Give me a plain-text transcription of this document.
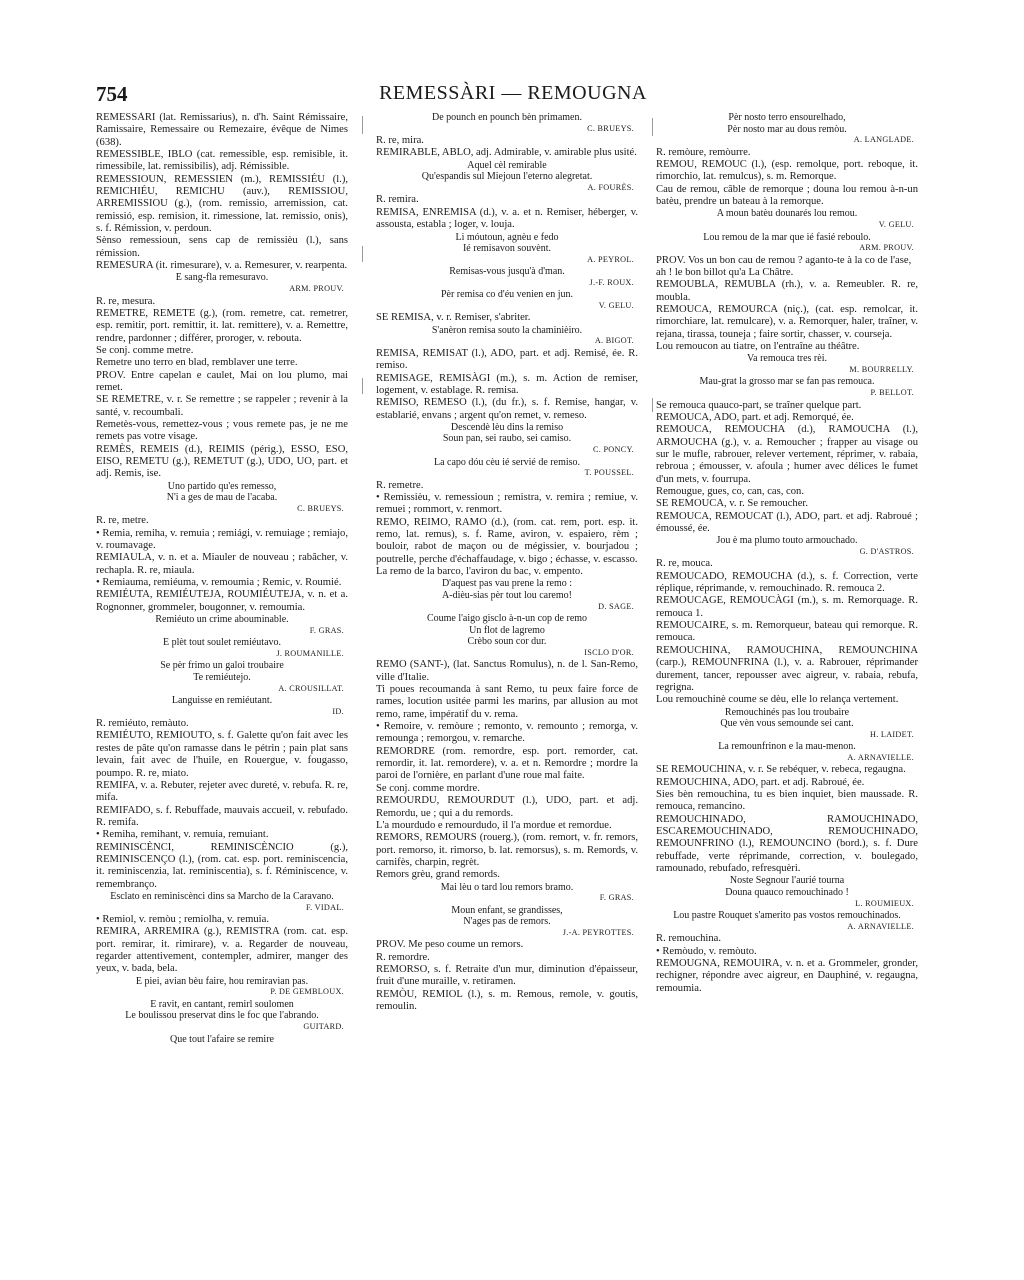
754	REMESSÀRI — REMOUGNA
REMESSÀRI (lat. Remissarius), n. d'h. Saint Rémissaire, Ramissaire, Remessaire ou Remezaire, évêque de Nimes (638).
REMESSIBLE, IBLO (cat. remessible, esp. remisible, it. rimessibile, lat. remissibilis), adj. Rémissible.
REMESSIOUN, REMESSIEN (m.), REMISSIÉU (l.), REMICHIÉU, REMICHU (auv.), REMISSIOU, ARREMISSIOU (g.), (rom. remissio, arremission, cat. remissió, esp. remision, it. rimessione, lat. remissio, onis), s. f. Rémission, v. perdoun.
Sènso remessioun, sens cap de remissièu (l.), sans rémission.
REMESURA (it. rimesurare), v. a. Remesurer, v. rearpenta.
E sang-fla remesuravo.
ARM. PROUV.
R. re, mesura.
REMETRE, REMETE (g.), (rom. remetre, cat. remetrer, esp. remitir, port. remittir, it. lat. remittere), v. a. Remettre, rendre, pardonner ; différer, proroger, v. rebouta.
Se conj. comme metre.
Remetre uno terro en blad, remblaver une terre.
PROV. Entre capelan e caulet, Mai on lou plumo, mai remet.
SE REMETRE, v. r. Se remettre ; se rappeler ; revenir à la santé, v. recoumbali.
Remetès-vous, remettez-vous ; vous remete pas, je ne me remets pas votre visage.
REMÈS, REMEIS (d.), REIMIS (périg.), ESSO, ESO, EISO, REMETU (g.), REMETUT (g.), UDO, UO, part. et adj. Remis, ise.
Uno partido qu'es remesso,
N'i a ges de mau de l'acaba.
C. BRUEYS.
R. re, metre.
• Remia, remiha, v. remuia ; remiági, v. remuiage ; remiajo, v. roumavage.
REMIAULA, v. n. et a. Miauler de nouveau ; rabâcher, v. rechapla. R. re, miaula.
• Remiauma, remiéuma, v. remoumia ; Remic, v. Roumié.
REMIÉUTA, REMIÉUTEJA, ROUMIÉUTEJA, v. n. et a. Rognonner, grommeler, bougonner, v. remoumia.
Remiéuto un crime abouminable.
F. GRAS.
E plèt tout soulet remiéutavo.
J. ROUMANILLE.
Se pèr frimo un galoi troubaire
Te remiéutejo.
A. CROUSILLAT.
Languisse en remiéutant.
ID.
R. remiéuto, remàuto.
REMIÉUTO, REMIOUTO, s. f. Galette qu'on fait avec les restes de pâte qu'on ramasse dans le pétrin ; pain plat sans levain, fait avec de l'huile, en Rouergue, v. fougasso, poumpo. R. re, miato.
REMIFA, v. a. Rebuter, rejeter avec dureté, v. rebufa. R. re, mifa.
REMIFADO, s. f. Rebuffade, mauvais accueil, v. rebufado. R. remifa.
• Remiha, remihant, v. remuia, remuiant.
REMINISCÈNCI, REMINISCÈNCIO (g.), REMINISCENÇO (l.), (rom. cat. esp. port. reminiscencia, it. reminiscenzia, lat. reminiscentia), s. f. Réminiscence, v. remembranço.
Esclato en reminiscènci dins sa Marcho de la Caravano.
F. VIDAL.
• Remiol, v. remòu ; remiolha, v. remuia.
REMIRA, ARREMIRA (g.), REMISTRA (rom. cat. esp. port. remirar, it. rimirare), v. a. Regarder de nouveau, regarder attentivement, contempler, admirer, manger des yeux, v. bada, bela.
E piei, avian bèu faire, hou remiravian pas.
P. DE GEMBLOUX.
E ravit, en cantant, remirl soulomen
Le boulissou preservat dins le foc que l'abrando.
GUITARD.
Que tout l'afaire se remire
De pounch en pounch bèn primamen.
C. BRUEYS.
R. re, mira.
REMIRABLE, ABLO, adj. Admirable, v. amirable plus usité.
Aquel cèl remirable
Qu'espandis sul Miejoun l'eterno alegretat.
A. FOURÈS.
R. remira.
REMISA, ENREMISA (d.), v. a. et n. Remiser, héberger, v. assousta, establa ; loger, v. louja.
Li móutoun, agnèu e fedo
Ié remisavon souvènt.
A. PEYROL.
Remisas-vous jusqu'à d'man.
J.-F. ROUX.
Pèr remisa co d'éu venien en jun.
V. GELU.
SE REMISA, v. r. Remiser, s'abriter.
S'anèron remisa souto la chaminièiro.
A. BIGOT.
REMISA, REMISAT (l.), ADO, part. et adj. Remisé, ée. R. remiso.
REMISAGE, REMISÀGI (m.), s. m. Action de remiser, logement, v. establage. R. remisa.
REMISO, REMESO (l.), (du fr.), s. f. Remise, hangar, v. establarié, envans ; argent qu'on remet, v. remeso.
Descendè lèu dins la remiso
Soun pan, sei raubo, sei camiso.
C. PONCY.
La capo dóu cèu ié servié de remiso.
T. POUSSEL.
R. remetre.
• Remissièu, v. remessioun ; remistra, v. remira ; remiue, v. remuei ; rommort, v. renmort.
REMO, REIMO, RAMO (d.), (rom. cat. rem, port. esp. it. remo, lat. remus), s. f. Rame, aviron, v. espaiero, rèm ; bouloir, rabot de maçon ou de mégissier, v. bourjadou ; poutrelle, perche d'échaffaudage, v. bigo ; échasse, v. escasso.
La remo de la barco, l'aviron du bac, v. empento.
D'aquest pas vau prene la remo :
A-dièu-sias pèr tout lou caremo!
D. SAGE.
Coume l'aigo gisclo à-n-un cop de remo
Un flot de lagremo
Crèbo soun cor dur.
ISCLO D'OR.
REMO (SANT-), (lat. Sanctus Romulus), n. de l. San-Remo, ville d'Italie.
Ti poues recoumanda à sant Remo, tu peux faire force de rames, locution usitée parmi les marins, par allusion au mot remo, rame, impératif du v. rema.
• Remoire, v. remòure ; remonto, v. remounto ; remorga, v. remounga ; remorgou, v. remarche.
REMORDRE (rom. remordre, esp. port. remorder, cat. remordir, it. lat. remordere), v. a. et n. Remordre ; mordre la paroi de l'ornière, en parlant d'une roue mal faite.
Se conj. comme mordre.
REMOURDU, REMOURDUT (l.), UDO, part. et adj. Remordu, ue ; qui a du remords.
L'a mourdudo e remourdudo, il l'a mordue et remordue.
REMORS, REMOURS (rouerg.), (rom. remort, v. fr. remors, port. remorso, it. rimorso, b. lat. remorsus), s. m. Remords, v. carnifès, charpin, regrèt.
Remors grèu, grand remords.
Mai lèu o tard lou remors bramo.
F. GRAS.
Moun enfant, se grandisses,
N'ages pas de remors.
J.-A. PEYROTTES.
PROV. Me peso coume un remors.
R. remordre.
REMORSO, s. f. Retraite d'un mur, diminution d'épaisseur, fruit d'une muraille, v. retiramen.
REMÒU, REMIOL (l.), s. m. Remous, remole, v. goutis, remoulin.
Pèr nosto terro ensourelhado,
Pèr nosto mar au dous remòu.
A. LANGLADE.
R. remòure, remòurre.
REMOU, REMOUC (l.), (esp. remolque, port. reboque, it. rimorchio, lat. remulcus), s. m. Remorque.
Cau de remou, câble de remorque ; douna lou remou à-n-un batèu, prendre un bateau à la remorque.
A moun batèu dounarés lou remou.
V. GELU.
Lou remou de la mar que ié fasié reboulo.
ARM. PROUV.
PROV. Vos un bon cau de remou ? aganto-te à la co de l'ase,
ah ! le bon billot qu'a La Châtre.
REMOUBLA, REMUBLA (rh.), v. a. Remeubler. R. re, moubla.
REMOUCA, REMOURCA (niç.), (cat. esp. remolcar, it. rimorchiare, lat. remulcare), v. a. Remorquer, haler, traîner, v. rejana, tirassa, touneja ; faire sortir, chasser, v. courseja.
Lou remoucon au tiatre, on l'entraîne au théâtre.
Va remouca tres rèi.
M. BOURRELLY.
Mau-grat la grosso mar se fan pas remouca.
P. BELLOT.
Se remouca quauco-part, se traîner quelque part.
REMOUCA, ADO, part. et adj. Remorqué, ée.
REMOUCA, REMOUCHA (d.), RAMOUCHA (l.), ARMOUCHA (g.), v. a. Remoucher ; frapper au visage ou sur le mufle, rabrouer, relever vertement, réprimer, v. rabaia, rebroua ; émousser, v. afoula ; humer avec délices le fumet d'un mets, v. fourrupa.
Remougue, gues, co, can, cas, con.
SE REMOUCA, v. r. Se remoucher.
REMOUCA, REMOUCAT (l.), ADO, part. et adj. Rabroué ; émoussé, ée.
Jou è ma plumo touto armouchado.
G. D'ASTROS.
R. re, mouca.
REMOUCADO, REMOUCHA (d.), s. f. Correction, verte réplique, réprimande, v. remouchinado. R. remouca 2.
REMOUCAGE, REMOUCÀGI (m.), s. m. Remorquage. R. remouca 1.
REMOUCAIRE, s. m. Remorqueur, bateau qui remorque. R. remouca.
REMOUCHINA, RAMOUCHINA, REMOUNCHINA (carp.), REMOUNFRINA (l.), v. a. Rabrouer, réprimander durement, tancer, repousser avec aigreur, v. rabaia, rebufa, regrigna.
Lou remouchinè coume se dèu, elle lo relança vertement.
Remouchinés pas lou troubaire
Que vèn vous semounde sei cant.
H. LAIDET.
La remounfrinon e la mau-menon.
A. ARNAVIELLE.
SE REMOUCHINA, v. r. Se rebéquer, v. rebeca, regaugna.
REMOUCHINA, ADO, part. et adj. Rabroué, ée.
Sies bèn remouchina, tu es bien inquiet, bien maussade. R. remouca, remancino.
REMOUCHINADO, RAMOUCHINADO, ESCAREMOUCHINADO, REMOUCHINADO, REMOUNFRINO (l.), REMOUNCINO (bord.), s. f. Dure rebuffade, verte réprimande, correction, v. boulegado, ramounado, rebufado, refresquèri.
Noste Segnour l'aurié tourna
Douna quauco remouchinado !
L. ROUMIEUX.
Lou pastre Rouquet s'amerito pas vostos remouchinados.
A. ARNAVIELLE.
R. remouchina.
• Remòudo, v. remòuto.
REMOUGNA, REMOUIRA, v. n. et a. Grommeler, gronder, rechigner, répondre avec aigreur, en Dauphiné, v. regaugna, remoumia.
